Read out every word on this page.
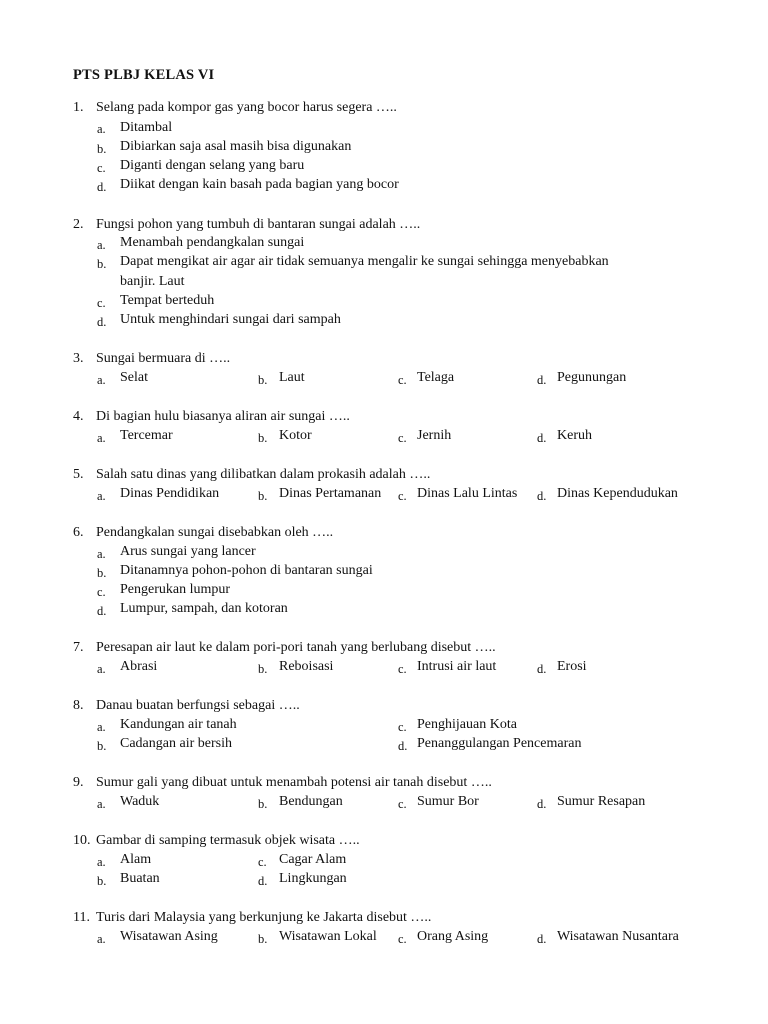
PTS PLBJ KELAS VI
1. Selang pada kompor gas yang bocor harus segera …..
a. Ditambal
b. Dibiarkan saja asal masih bisa digunakan
c. Diganti dengan selang yang baru
d. Diikat dengan kain basah pada bagian yang bocor
2. Fungsi pohon yang tumbuh di bantaran sungai adalah …..
a. Menambah pendangkalan sungai
b. Dapat mengikat air agar air tidak semuanya mengalir ke sungai sehingga menyebabkan
banjir. Laut
c. Tempat berteduh
d. Untuk menghindari sungai dari sampah
3. Sungai bermuara di …..
a. Selat	b. Laut	c. Telaga	d. Pegunungan
4. Di bagian hulu biasanya aliran air sungai …..
a. Tercemar	b. Kotor	c. Jernih	d. Keruh
5. Salah satu dinas yang dilibatkan dalam prokasih adalah …..
a. Dinas Pendidikan	b. Dinas Pertamanan c. Dinas Lalu Lintas d. Dinas Kependudukan
6. Pendangkalan sungai disebabkan oleh …..
a. Arus sungai yang lancer
b. Ditanamnya pohon-pohon di bantaran sungai
c. Pengerukan lumpur
d. Lumpur, sampah, dan kotoran
7. Peresapan air laut ke dalam pori-pori tanah yang berlubang disebut …..
a. Abrasi	b. Reboisasi	c. Intrusi air laut	d. Erosi
8. Danau buatan berfungsi sebagai …..
a. Kandungan air tanah	c. Penghijauan Kota
b. Cadangan air bersih	d. Penanggulangan Pencemaran
9. Sumur gali yang dibuat untuk menambah potensi air tanah disebut …..
a. Waduk	b. Bendungan	c. Sumur Bor	d. Sumur Resapan
10. Gambar di samping termasuk objek wisata …..
a. Alam	c. Cagar Alam
b. Buatan	d. Lingkungan
11. Turis dari Malaysia yang berkunjung ke Jakarta disebut …..
a. Wisatawan Asing	b. Wisatawan Lokal c. Orang Asing	d. Wisatawan Nusantara
